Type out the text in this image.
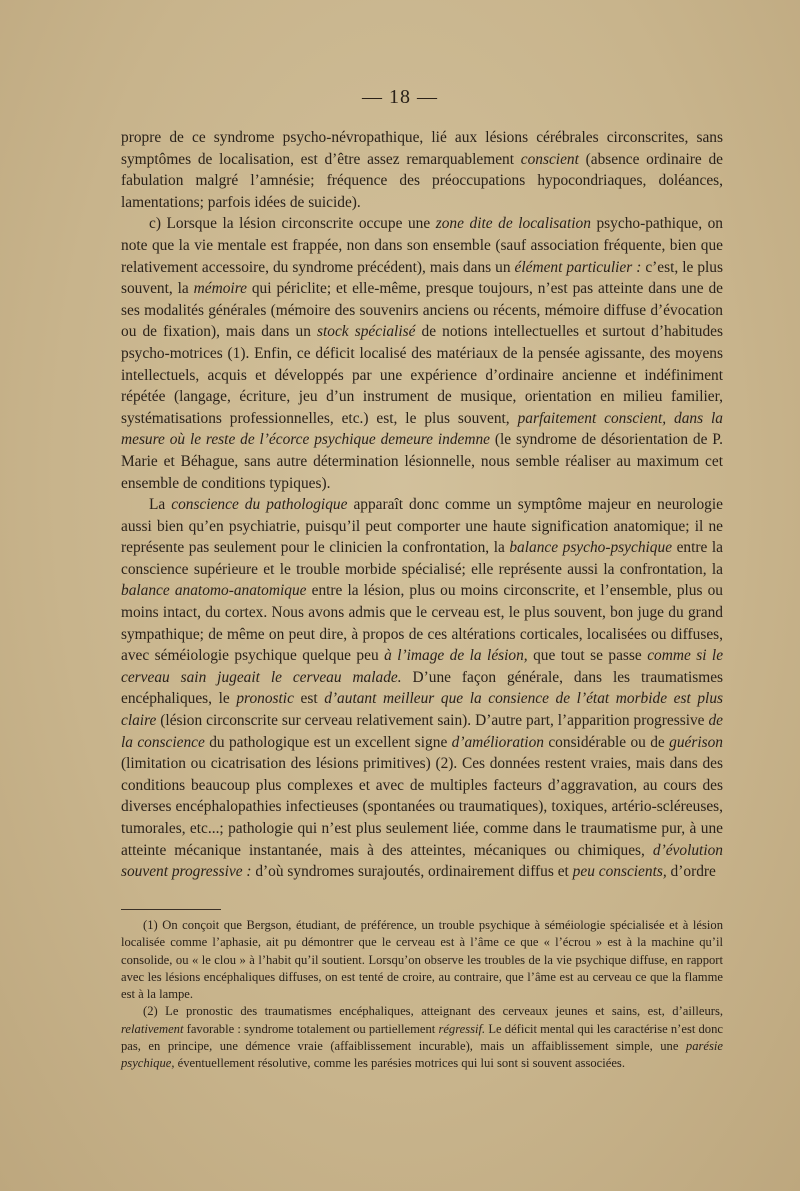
— 18 —

propre de ce syndrome psycho-névropathique, lié aux lésions cérébrales circonscrites, sans symptômes de localisation, est d’être assez remarquablement conscient (absence ordinaire de fabulation malgré l’amnésie; fréquence des préoccupations hypocondriaques, doléances, lamentations; parfois idées de suicide).

c) Lorsque la lésion circonscrite occupe une zone dite de localisation psycho-pathique, on note que la vie mentale est frappée, non dans son ensemble (sauf association fréquente, bien que relativement accessoire, du syndrome précédent), mais dans un élément particulier : c’est, le plus souvent, la mémoire qui périclite; et elle-même, presque toujours, n’est pas atteinte dans une de ses modalités générales (mémoire des souvenirs anciens ou récents, mémoire diffuse d’évocation ou de fixation), mais dans un stock spécialisé de notions intellectuelles et surtout d’habitudes psycho-motrices (1). Enfin, ce déficit localisé des matériaux de la pensée agissante, des moyens intellectuels, acquis et développés par une expérience d’ordinaire ancienne et indéfiniment répétée (langage, écriture, jeu d’un instrument de musique, orientation en milieu familier, systématisations professionnelles, etc.) est, le plus souvent, parfaitement conscient, dans la mesure où le reste de l’écorce psychique demeure indemne (le syndrome de désorientation de P. Marie et Béhague, sans autre détermination lésionnelle, nous semble réaliser au maximum cet ensemble de conditions typiques).

La conscience du pathologique apparaît donc comme un symptôme majeur en neurologie aussi bien qu’en psychiatrie, puisqu’il peut comporter une haute signification anatomique; il ne représente pas seulement pour le clinicien la confrontation, la balance psycho-psychique entre la conscience supérieure et le trouble morbide spécialisé; elle représente aussi la confrontation, la balance anatomo-anatomique entre la lésion, plus ou moins circonscrite, et l’ensemble, plus ou moins intact, du cortex. Nous avons admis que le cerveau est, le plus souvent, bon juge du grand sympathique; de même on peut dire, à propos de ces altérations corticales, localisées ou diffuses, avec séméiologie psychique quelque peu à l’image de la lésion, que tout se passe comme si le cerveau sain jugeait le cerveau malade. D’une façon générale, dans les traumatismes encéphaliques, le pronostic est d’autant meilleur que la consience de l’état morbide est plus claire (lésion circonscrite sur cerveau relativement sain). D’autre part, l’apparition progressive de la conscience du pathologique est un excellent signe d’amélioration considérable ou de guérison (limitation ou cicatrisation des lésions primitives) (2). Ces données restent vraies, mais dans des conditions beaucoup plus complexes et avec de multiples facteurs d’aggravation, au cours des diverses encéphalopathies infectieuses (spontanées ou traumatiques), toxiques, artério-scléreuses, tumorales, etc...; pathologie qui n’est plus seulement liée, comme dans le traumatisme pur, à une atteinte mécanique instantanée, mais à des atteintes, mécaniques ou chimiques, d’évolution souvent progressive : d’où syndromes surajoutés, ordinairement diffus et peu conscients, d’ordre

(1) On conçoit que Bergson, étudiant, de préférence, un trouble psychique à séméiologie spécialisée et à lésion localisée comme l’aphasie, ait pu démontrer que le cerveau est à l’âme ce que « l’écrou » est à la machine qu’il consolide, ou « le clou » à l’habit qu’il soutient. Lorsqu’on observe les troubles de la vie psychique diffuse, en rapport avec les lésions encéphaliques diffuses, on est tenté de croire, au contraire, que l’âme est au cerveau ce que la flamme est à la lampe.

(2) Le pronostic des traumatismes encéphaliques, atteignant des cerveaux jeunes et sains, est, d’ailleurs, relativement favorable : syndrome totalement ou partiellement régressif. Le déficit mental qui les caractérise n’est donc pas, en principe, une démence vraie (affaiblissement incurable), mais un affaiblissement simple, une parésie psychique, éventuellement résolutive, comme les parésies motrices qui lui sont si souvent associées.
